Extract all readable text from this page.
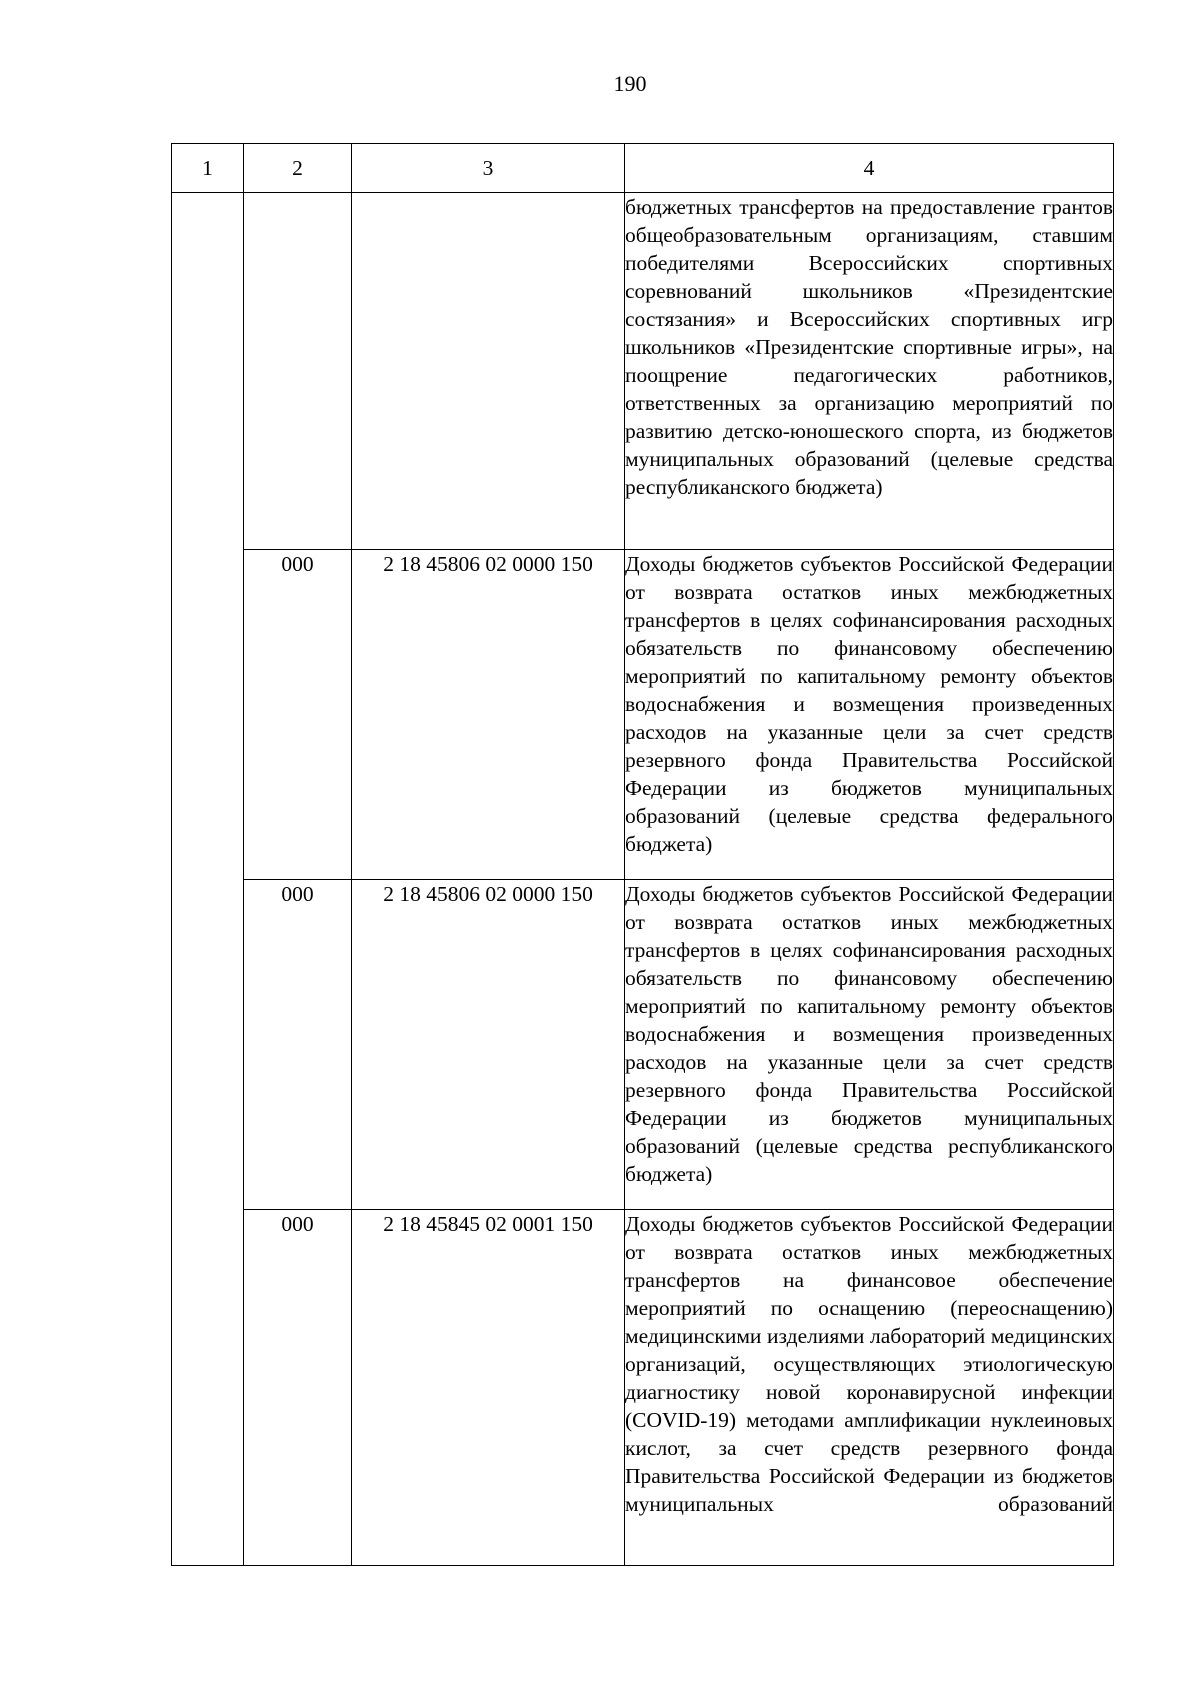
190
1	2	3	4
			бюджетных трансфертов на предоставление грантов общеобразовательным организациям, ставшим победителями Всероссийских спортивных соревнований школьников «Президентские состязания» и Всероссийских спортивных игр школьников «Президентские спортивные игры», на поощрение педагогических работников, ответственных за организацию мероприятий по развитию детско-юношеского спорта, из бюджетов муниципальных образований (целевые средства республиканского бюджета)
	000	2 18 45806 02 0000 150	Доходы бюджетов субъектов Российской Федерации от возврата остатков иных межбюджетных трансфертов в целях софинансирования расходных обязательств по финансовому обеспечению мероприятий по капитальному ремонту объектов водоснабжения и возмещения произведенных расходов на указанные цели за счет средств резервного фонда Правительства Российской Федерации из бюджетов муниципальных образований (целевые средства федерального бюджета)
	000	2 18 45806 02 0000 150	Доходы бюджетов субъектов Российской Федерации от возврата остатков иных межбюджетных трансфертов в целях софинансирования расходных обязательств по финансовому обеспечению мероприятий по капитальному ремонту объектов водоснабжения и возмещения произведенных расходов на указанные цели за счет средств резервного фонда Правительства Российской Федерации из бюджетов муниципальных образований (целевые средства республиканского бюджета)
	000	2 18 45845 02 0001 150	Доходы бюджетов субъектов Российской Федерации от возврата остатков иных межбюджетных трансфертов на финансовое обеспечение мероприятий по оснащению (переоснащению) медицинскими изделиями лабораторий медицинских организаций, осуществляющих этиологическую диагностику новой коронавирусной инфекции (COVID-19) методами амплификации нуклеиновых кислот, за счет средств резервного фонда Правительства Российской Федерации из бюджетов муниципальных образований
